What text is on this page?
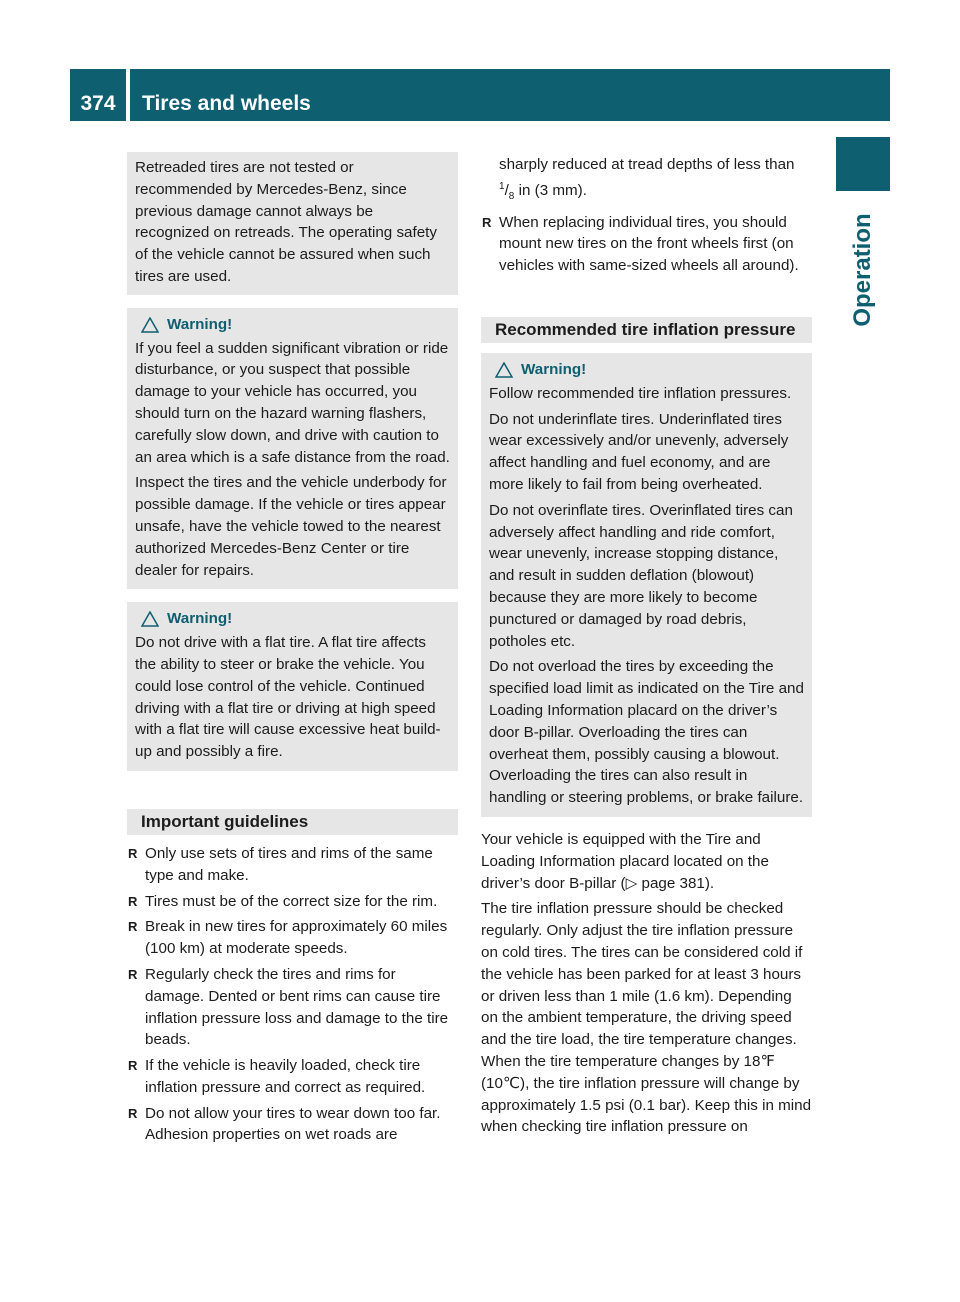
374	Tires and wheels
Operation

Retreaded tires are not tested or recommended by Mercedes-Benz, since previous damage cannot always be recognized on retreads. The operating safety of the vehicle cannot be assured when such tires are used.

Warning!

If you feel a sudden significant vibration or ride disturbance, or you suspect that possible damage to your vehicle has occurred, you should turn on the hazard warning flashers, carefully slow down, and drive with caution to an area which is a safe distance from the road.

Inspect the tires and the vehicle underbody for possible damage. If the vehicle or tires appear unsafe, have the vehicle towed to the nearest authorized Mercedes-Benz Center or tire dealer for repairs.

Warning!

Do not drive with a flat tire. A flat tire affects the ability to steer or brake the vehicle. You could lose control of the vehicle. Continued driving with a flat tire or driving at high speed with a flat tire will cause excessive heat build-up and possibly a fire.

Important guidelines
R Only use sets of tires and rims of the same type and make.
R Tires must be of the correct size for the rim.
R Break in new tires for approximately 60 miles (100 km) at moderate speeds.
R Regularly check the tires and rims for damage. Dented or bent rims can cause tire inflation pressure loss and damage to the tire beads.
R If the vehicle is heavily loaded, check tire inflation pressure and correct as required.
R Do not allow your tires to wear down too far. Adhesion properties on wet roads are

sharply reduced at tread depths of less than $^1/_8$ in (3 mm).

R When replacing individual tires, you should mount new tires on the front wheels first (on vehicles with same-sized wheels all around).
Recommended tire inflation pressure
Warning!

Follow recommended tire inflation pressures.

Do not underinflate tires. Underinflated tires wear excessively and/or unevenly, adversely affect handling and fuel economy, and are more likely to fail from being overheated.

Do not overinflate tires. Overinflated tires can adversely affect handling and ride comfort, wear unevenly, increase stopping distance, and result in sudden deflation (blowout) because they are more likely to become punctured or damaged by road debris, potholes etc.

Do not overload the tires by exceeding the specified load limit as indicated on the Tire and Loading Information placard on the driver’s door B-pillar. Overloading the tires can overheat them, possibly causing a blowout. Overloading the tires can also result in handling or steering problems, or brake failure.

Your vehicle is equipped with the Tire and Loading Information placard located on the driver’s door B-pillar (▷ page 381).

The tire inflation pressure should be checked regularly. Only adjust the tire inflation pressure on cold tires. The tires can be considered cold if the vehicle has been parked for at least 3 hours or driven less than 1 mile (1.6 km). Depending on the ambient temperature, the driving speed and the tire load, the tire temperature changes. When the tire temperature changes by 18℉ (10℃), the tire inflation pressure will change by approximately 1.5 psi (0.1 bar). Keep this in mind when checking tire inflation pressure on
